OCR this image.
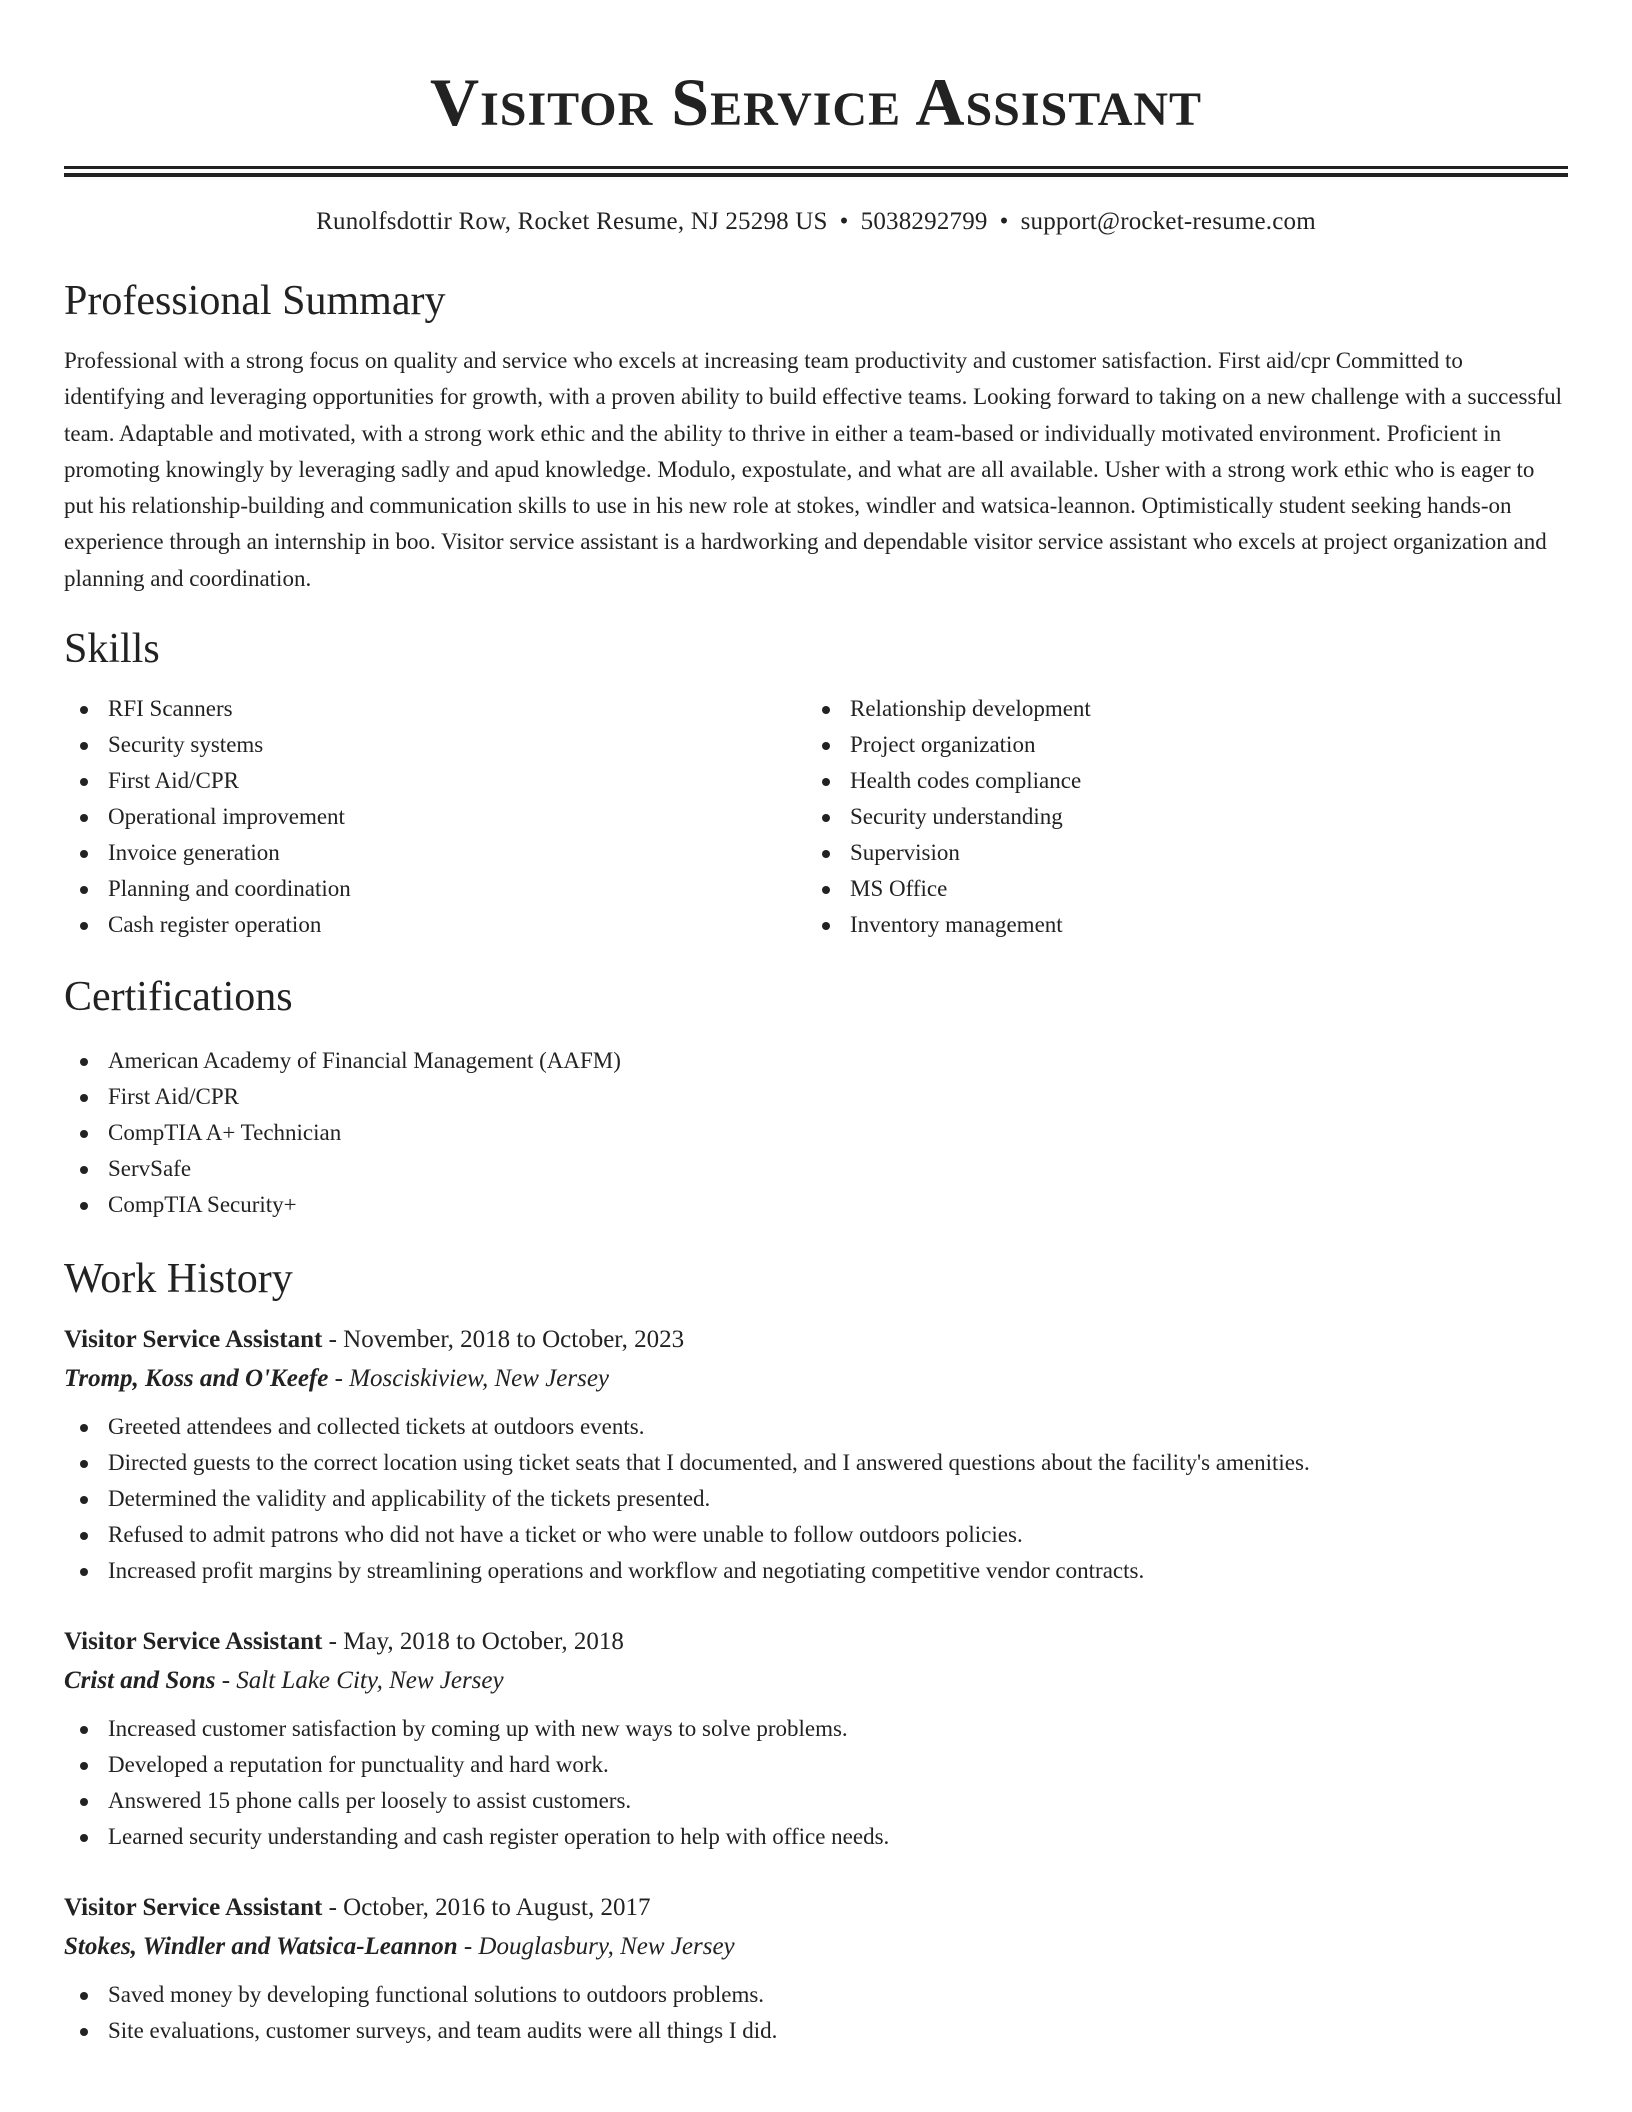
Visitor Service Assistant
Runolfsdottir Row, Rocket Resume, NJ 25298 US • 5038292799 • support@rocket-resume.com
Professional Summary

Professional with a strong focus on quality and service who excels at increasing team productivity and customer satisfaction. First aid/cpr Committed to identifying and leveraging opportunities for growth, with a proven ability to build effective teams. Looking forward to taking on a new challenge with a successful team. Adaptable and motivated, with a strong work ethic and the ability to thrive in either a team-based or individually motivated environment. Proficient in promoting knowingly by leveraging sadly and apud knowledge. Modulo, expostulate, and what are all available. Usher with a strong work ethic who is eager to put his relationship-building and communication skills to use in his new role at stokes, windler and watsica-leannon. Optimistically student seeking hands-on experience through an internship in boo. Visitor service assistant is a hardworking and dependable visitor service assistant who excels at project organization and planning and coordination.

Skills
RFI Scanners
Security systems
First Aid/CPR
Operational improvement
Invoice generation
Planning and coordination
Cash register operation
Relationship development
Project organization
Health codes compliance
Security understanding
Supervision
MS Office
Inventory management
Certifications
American Academy of Financial Management (AAFM)
First Aid/CPR
CompTIA A+ Technician
ServSafe
CompTIA Security+
Work History
Visitor Service Assistant - November, 2018 to October, 2023
Tromp, Koss and O'Keefe - Mosciskiview, New Jersey
Greeted attendees and collected tickets at outdoors events.
Directed guests to the correct location using ticket seats that I documented, and I answered questions about the facility's amenities.
Determined the validity and applicability of the tickets presented.
Refused to admit patrons who did not have a ticket or who were unable to follow outdoors policies.
Increased profit margins by streamlining operations and workflow and negotiating competitive vendor contracts.
Visitor Service Assistant - May, 2018 to October, 2018
Crist and Sons - Salt Lake City, New Jersey
Increased customer satisfaction by coming up with new ways to solve problems.
Developed a reputation for punctuality and hard work.
Answered 15 phone calls per loosely to assist customers.
Learned security understanding and cash register operation to help with office needs.
Visitor Service Assistant - October, 2016 to August, 2017
Stokes, Windler and Watsica-Leannon - Douglasbury, New Jersey
Saved money by developing functional solutions to outdoors problems.
Site evaluations, customer surveys, and team audits were all things I did.
